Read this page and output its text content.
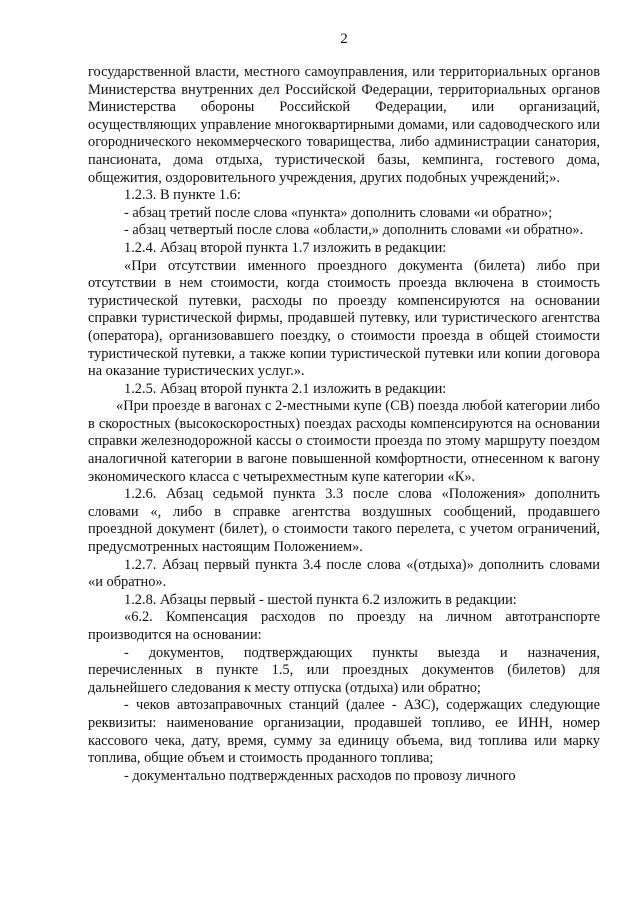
2

государственной власти, местного самоуправления, или территориальных органов Министерства внутренних дел Российской Федерации, территориальных органов Министерства обороны Российской Федерации, или организаций, осуществляющих управление многоквартирными домами, или садоводческого или огороднического некоммерческого товарищества, либо администрации санатория, пансионата, дома отдыха, туристической базы, кемпинга, гостевого дома, общежития, оздоровительного учреждения, других подобных учреждений;».

1.2.3. В пункте 1.6:

- абзац третий после слова «пункта» дополнить словами «и обратно»;

- абзац четвертый после слова «области,» дополнить словами «и обратно».

1.2.4. Абзац второй пункта 1.7 изложить в редакции:

«При отсутствии именного проездного документа (билета) либо при отсутствии в нем стоимости, когда стоимость проезда включена в стоимость туристической путевки, расходы по проезду компенсируются на основании справки туристической фирмы, продавшей путевку, или туристического агентства (оператора), организовавшего поездку, о стоимости проезда в общей стоимости туристической путевки, а также копии туристической путевки или копии договора на оказание туристических услуг.».

1.2.5. Абзац второй пункта 2.1 изложить в редакции:

«При проезде в вагонах с 2-местными купе (СВ) поезда любой категории либо в скоростных (высокоскоростных) поездах расходы компенсируются на основании справки железнодорожной кассы о стоимости проезда по этому маршруту поездом аналогичной категории в вагоне повышенной комфортности, отнесенном к вагону экономического класса с четырехместным купе категории «К».

1.2.6. Абзац седьмой пункта 3.3 после слова «Положения» дополнить словами «, либо в справке агентства воздушных сообщений, продавшего проездной документ (билет), о стоимости такого перелета, с учетом ограничений, предусмотренных настоящим Положением».

1.2.7. Абзац первый пункта 3.4 после слова «(отдыха)» дополнить словами «и обратно».

1.2.8. Абзацы первый - шестой пункта 6.2 изложить в редакции:

«6.2. Компенсация расходов по проезду на личном автотранспорте производится на основании:

- документов, подтверждающих пункты выезда и назначения, перечисленных в пункте 1.5, или проездных документов (билетов) для дальнейшего следования к месту отпуска (отдыха) или обратно;

- чеков автозаправочных станций (далее - АЗС), содержащих следующие реквизиты: наименование организации, продавшей топливо, ее ИНН, номер кассового чека, дату, время, сумму за единицу объема, вид топлива или марку топлива, общие объем и стоимость проданного топлива;

- документально подтвержденных расходов по провозу личного
